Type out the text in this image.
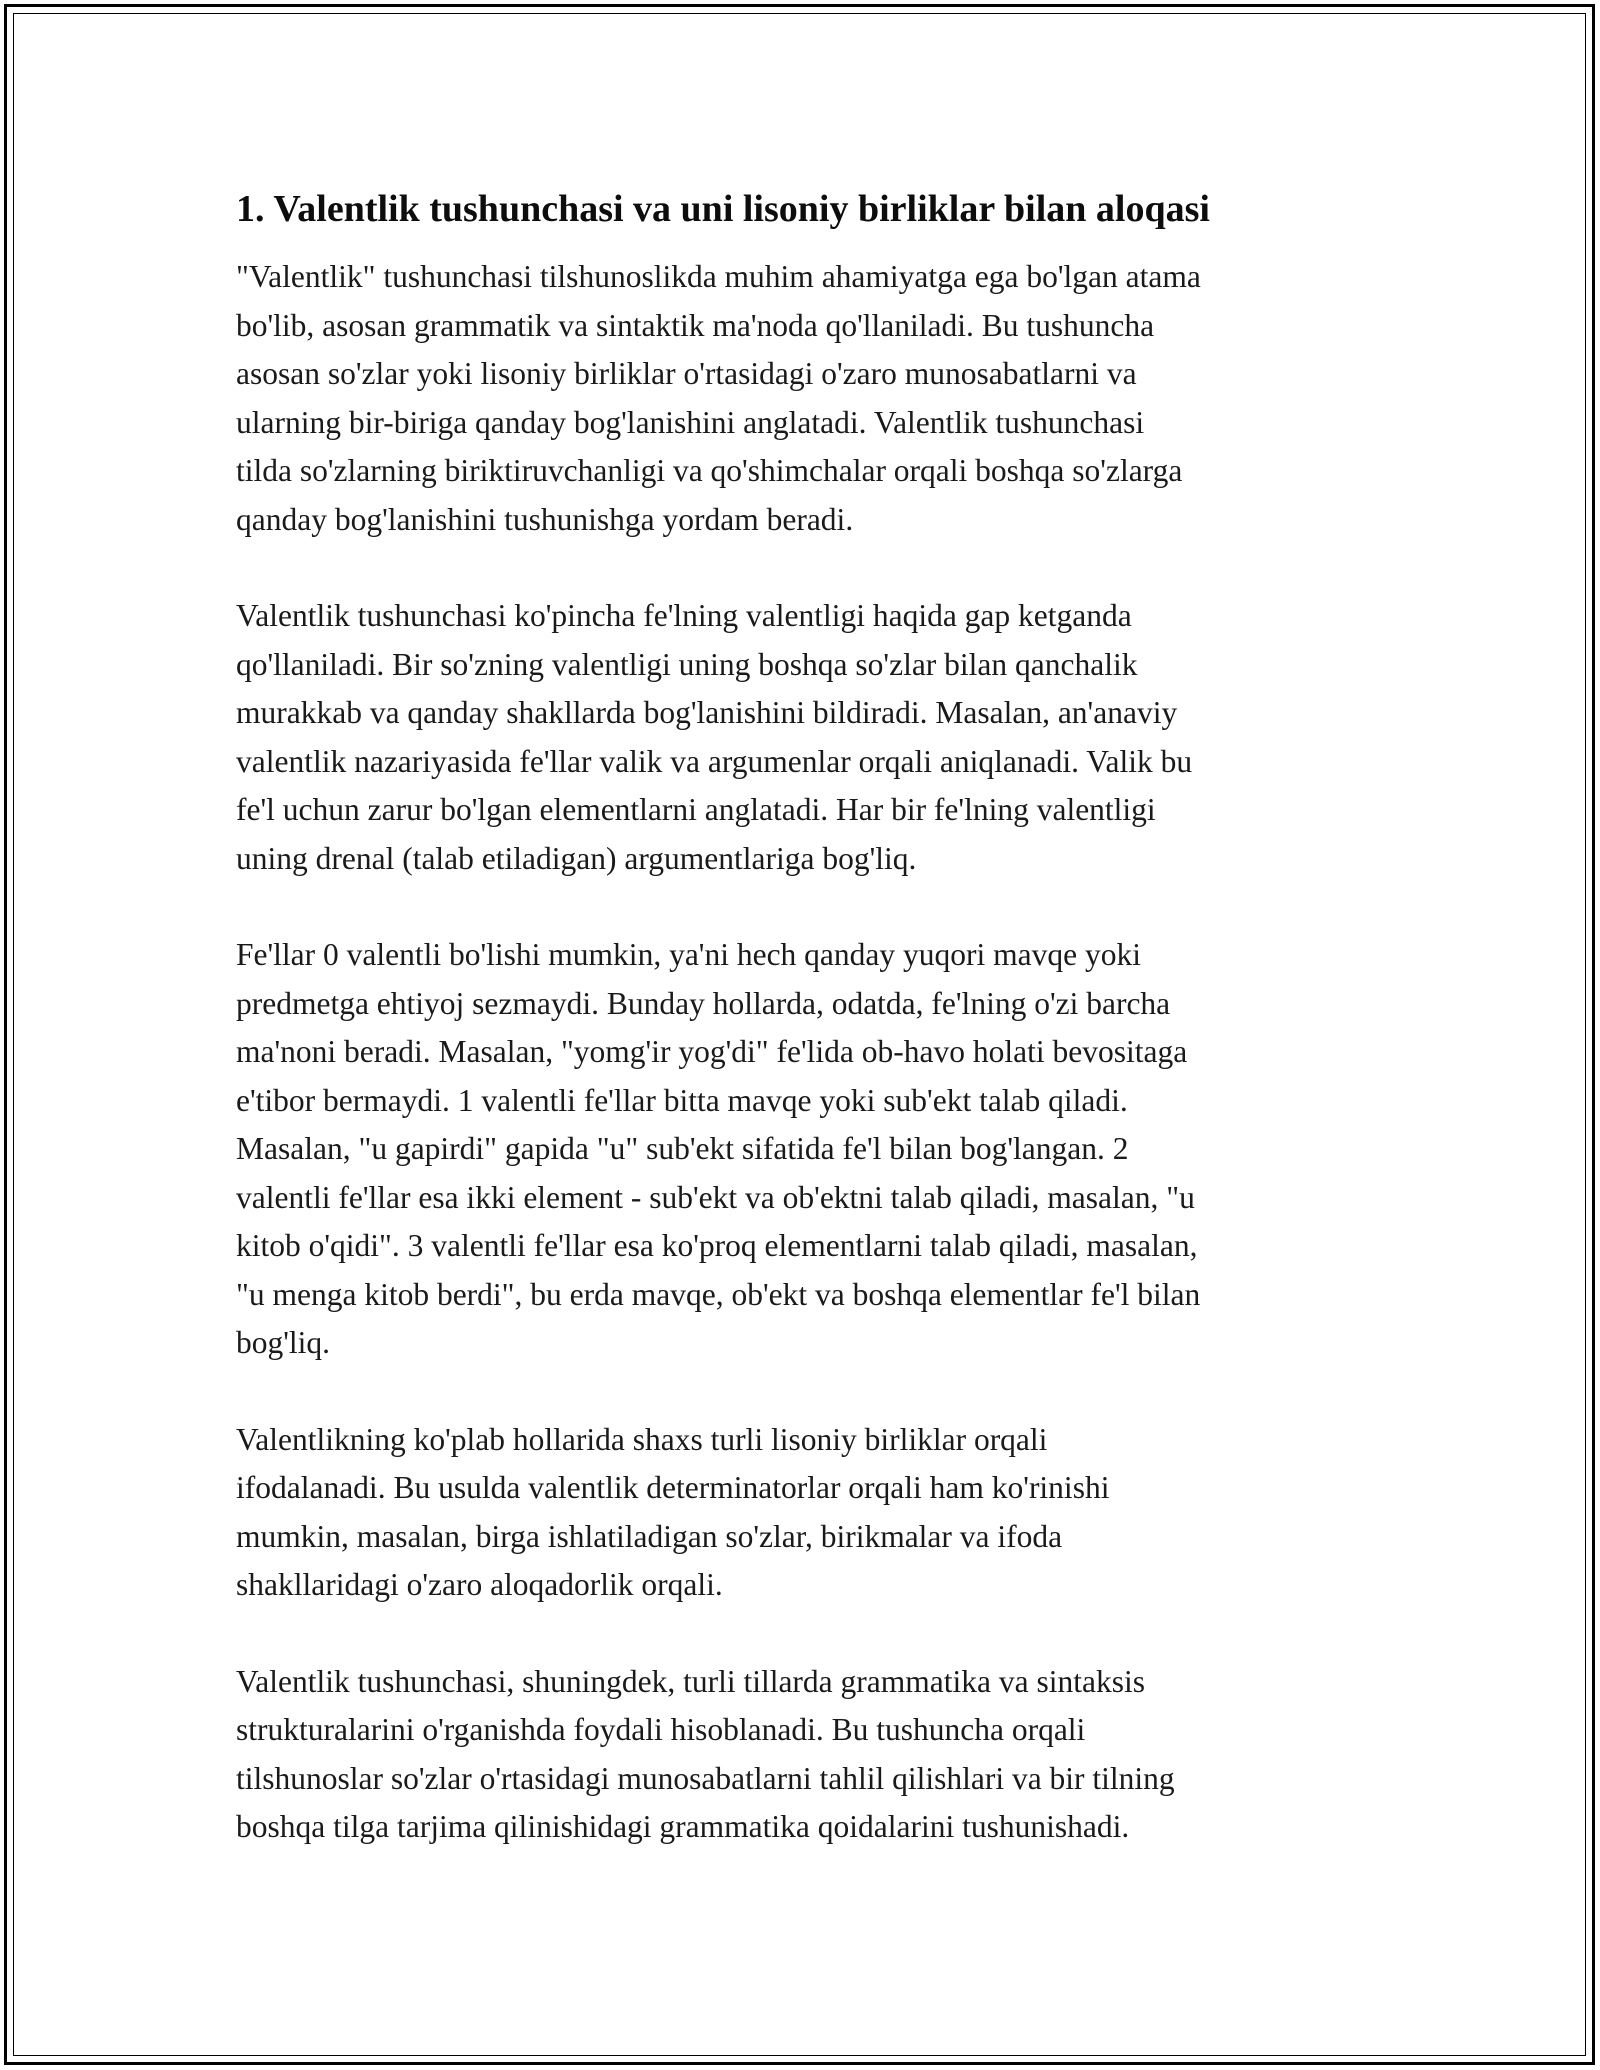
1. Valentlik tushunchasi va uni lisoniy birliklar bilan aloqasi
"Valentlik" tushunchasi tilshunoslikda muhim ahamiyatga ega bo'lgan atama
bo'lib, asosan grammatik va sintaktik ma'noda qo'llaniladi. Bu tushuncha
asosan so'zlar yoki lisoniy birliklar o'rtasidagi o'zaro munosabatlarni va
ularning bir-biriga qanday bog'lanishini anglatadi. Valentlik tushunchasi
tilda so'zlarning biriktiruvchanligi va qo'shimchalar orqali boshqa so'zlarga
qanday bog'lanishini tushunishga yordam beradi.
Valentlik tushunchasi ko'pincha fe'lning valentligi haqida gap ketganda
qo'llaniladi. Bir so'zning valentligi uning boshqa so'zlar bilan qanchalik
murakkab va qanday shakllarda bog'lanishini bildiradi. Masalan, an'anaviy
valentlik nazariyasida fe'llar valik va argumenlar orqali aniqlanadi. Valik bu
fe'l uchun zarur bo'lgan elementlarni anglatadi. Har bir fe'lning valentligi
uning drenal (talab etiladigan) argumentlariga bog'liq.
Fe'llar 0 valentli bo'lishi mumkin, ya'ni hech qanday yuqori mavqe yoki
predmetga ehtiyoj sezmaydi. Bunday hollarda, odatda, fe'lning o'zi barcha
ma'noni beradi. Masalan, "yomg'ir yog'di" fe'lida ob-havo holati bevositaga
e'tibor bermaydi. 1 valentli fe'llar bitta mavqe yoki sub'ekt talab qiladi.
Masalan, "u gapirdi" gapida "u" sub'ekt sifatida fe'l bilan bog'langan. 2
valentli fe'llar esa ikki element - sub'ekt va ob'ektni talab qiladi, masalan, "u
kitob o'qidi". 3 valentli fe'llar esa ko'proq elementlarni talab qiladi, masalan,
"u menga kitob berdi", bu erda mavqe, ob'ekt va boshqa elementlar fe'l bilan
bog'liq.
Valentlikning ko'plab hollarida shaxs turli lisoniy birliklar orqali
ifodalanadi. Bu usulda valentlik determinatorlar orqali ham ko'rinishi
mumkin, masalan, birga ishlatiladigan so'zlar, birikmalar va ifoda
shakllaridagi o'zaro aloqadorlik orqali.
Valentlik tushunchasi, shuningdek, turli tillarda grammatika va sintaksis
strukturalarini o'rganishda foydali hisoblanadi. Bu tushuncha orqali
tilshunoslar so'zlar o'rtasidagi munosabatlarni tahlil qilishlari va bir tilning
boshqa tilga tarjima qilinishidagi grammatika qoidalarini tushunishadi.
